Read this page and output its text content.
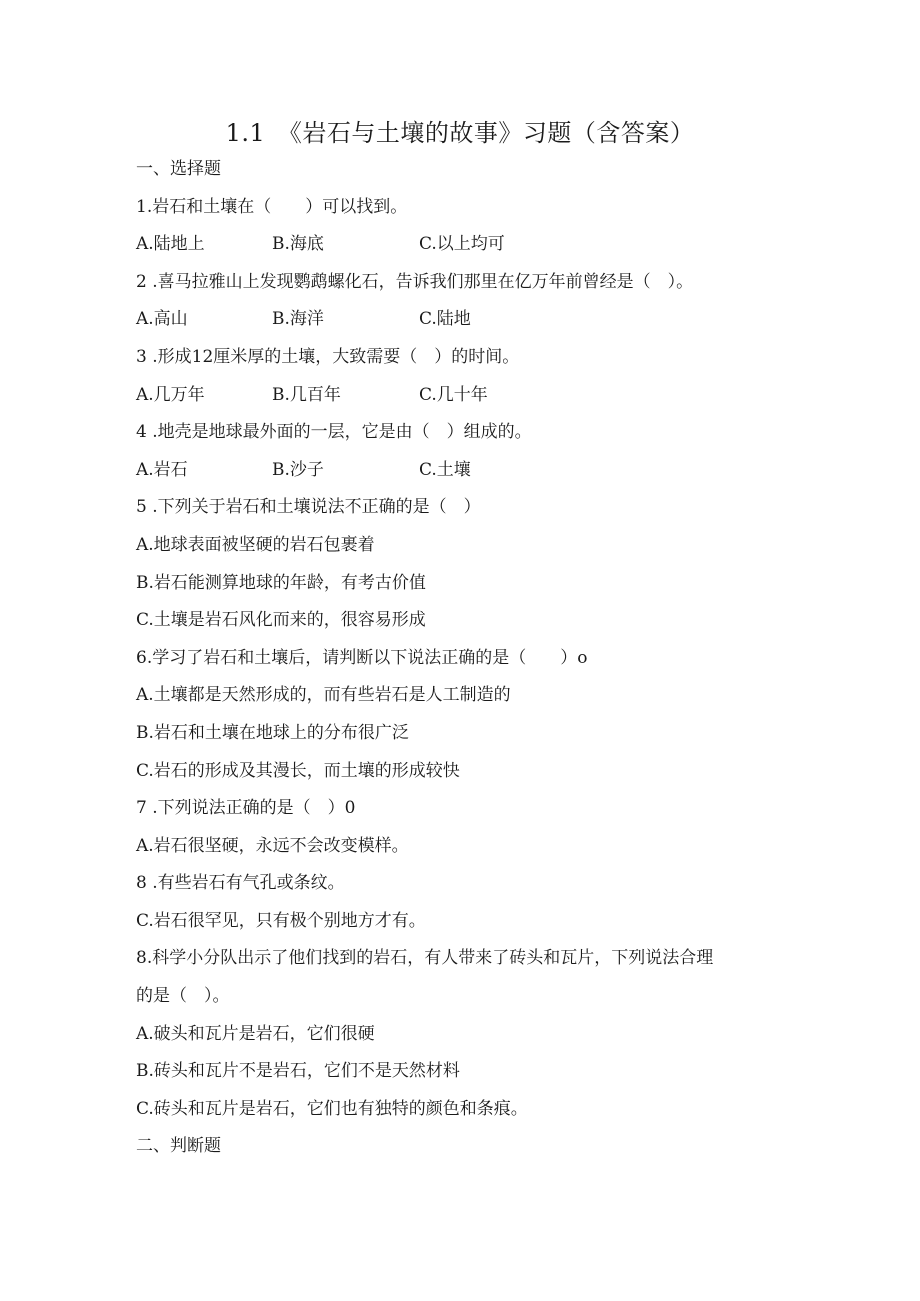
1.1　《岩石与土壤的故事》习题（含答案）
一、选择题
1.岩石和土壤在（　　）可以找到。
A.陆地上	B.海底	C.以上均可
2 .喜马拉雅山上发现鹦鹉螺化石，告诉我们那里在亿万年前曾经是（　）。
A.高山	B.海洋	C.陆地
3 .形成12厘米厚的土壤，大致需要（　）的时间。
A.几万年	B.几百年	C.几十年
4 .地壳是地球最外面的一层，它是由（　）组成的。
A.岩石	B.沙子	C.土壤
5 .下列关于岩石和土壤说法不正确的是（　）
A.地球表面被坚硬的岩石包裹着
B.岩石能测算地球的年龄，有考古价值
C.土壤是岩石风化而来的，很容易形成
6.学习了岩石和土壤后，请判断以下说法正确的是（　　）o
A.土壤都是天然形成的，而有些岩石是人工制造的
B.岩石和土壤在地球上的分布很广泛
C.岩石的形成及其漫长，而土壤的形成较快
7 .下列说法正确的是（　）0
A.岩石很坚硬，永远不会改变模样。
8 .有些岩石有气孔或条纹。
C.岩石很罕见，只有极个别地方才有。
8.科学小分队出示了他们找到的岩石，有人带来了砖头和瓦片，下列说法合理
的是（　）。
A.破头和瓦片是岩石，它们很硬
B.砖头和瓦片不是岩石，它们不是天然材料
C.砖头和瓦片是岩石，它们也有独特的颜色和条痕。
二、判断题
